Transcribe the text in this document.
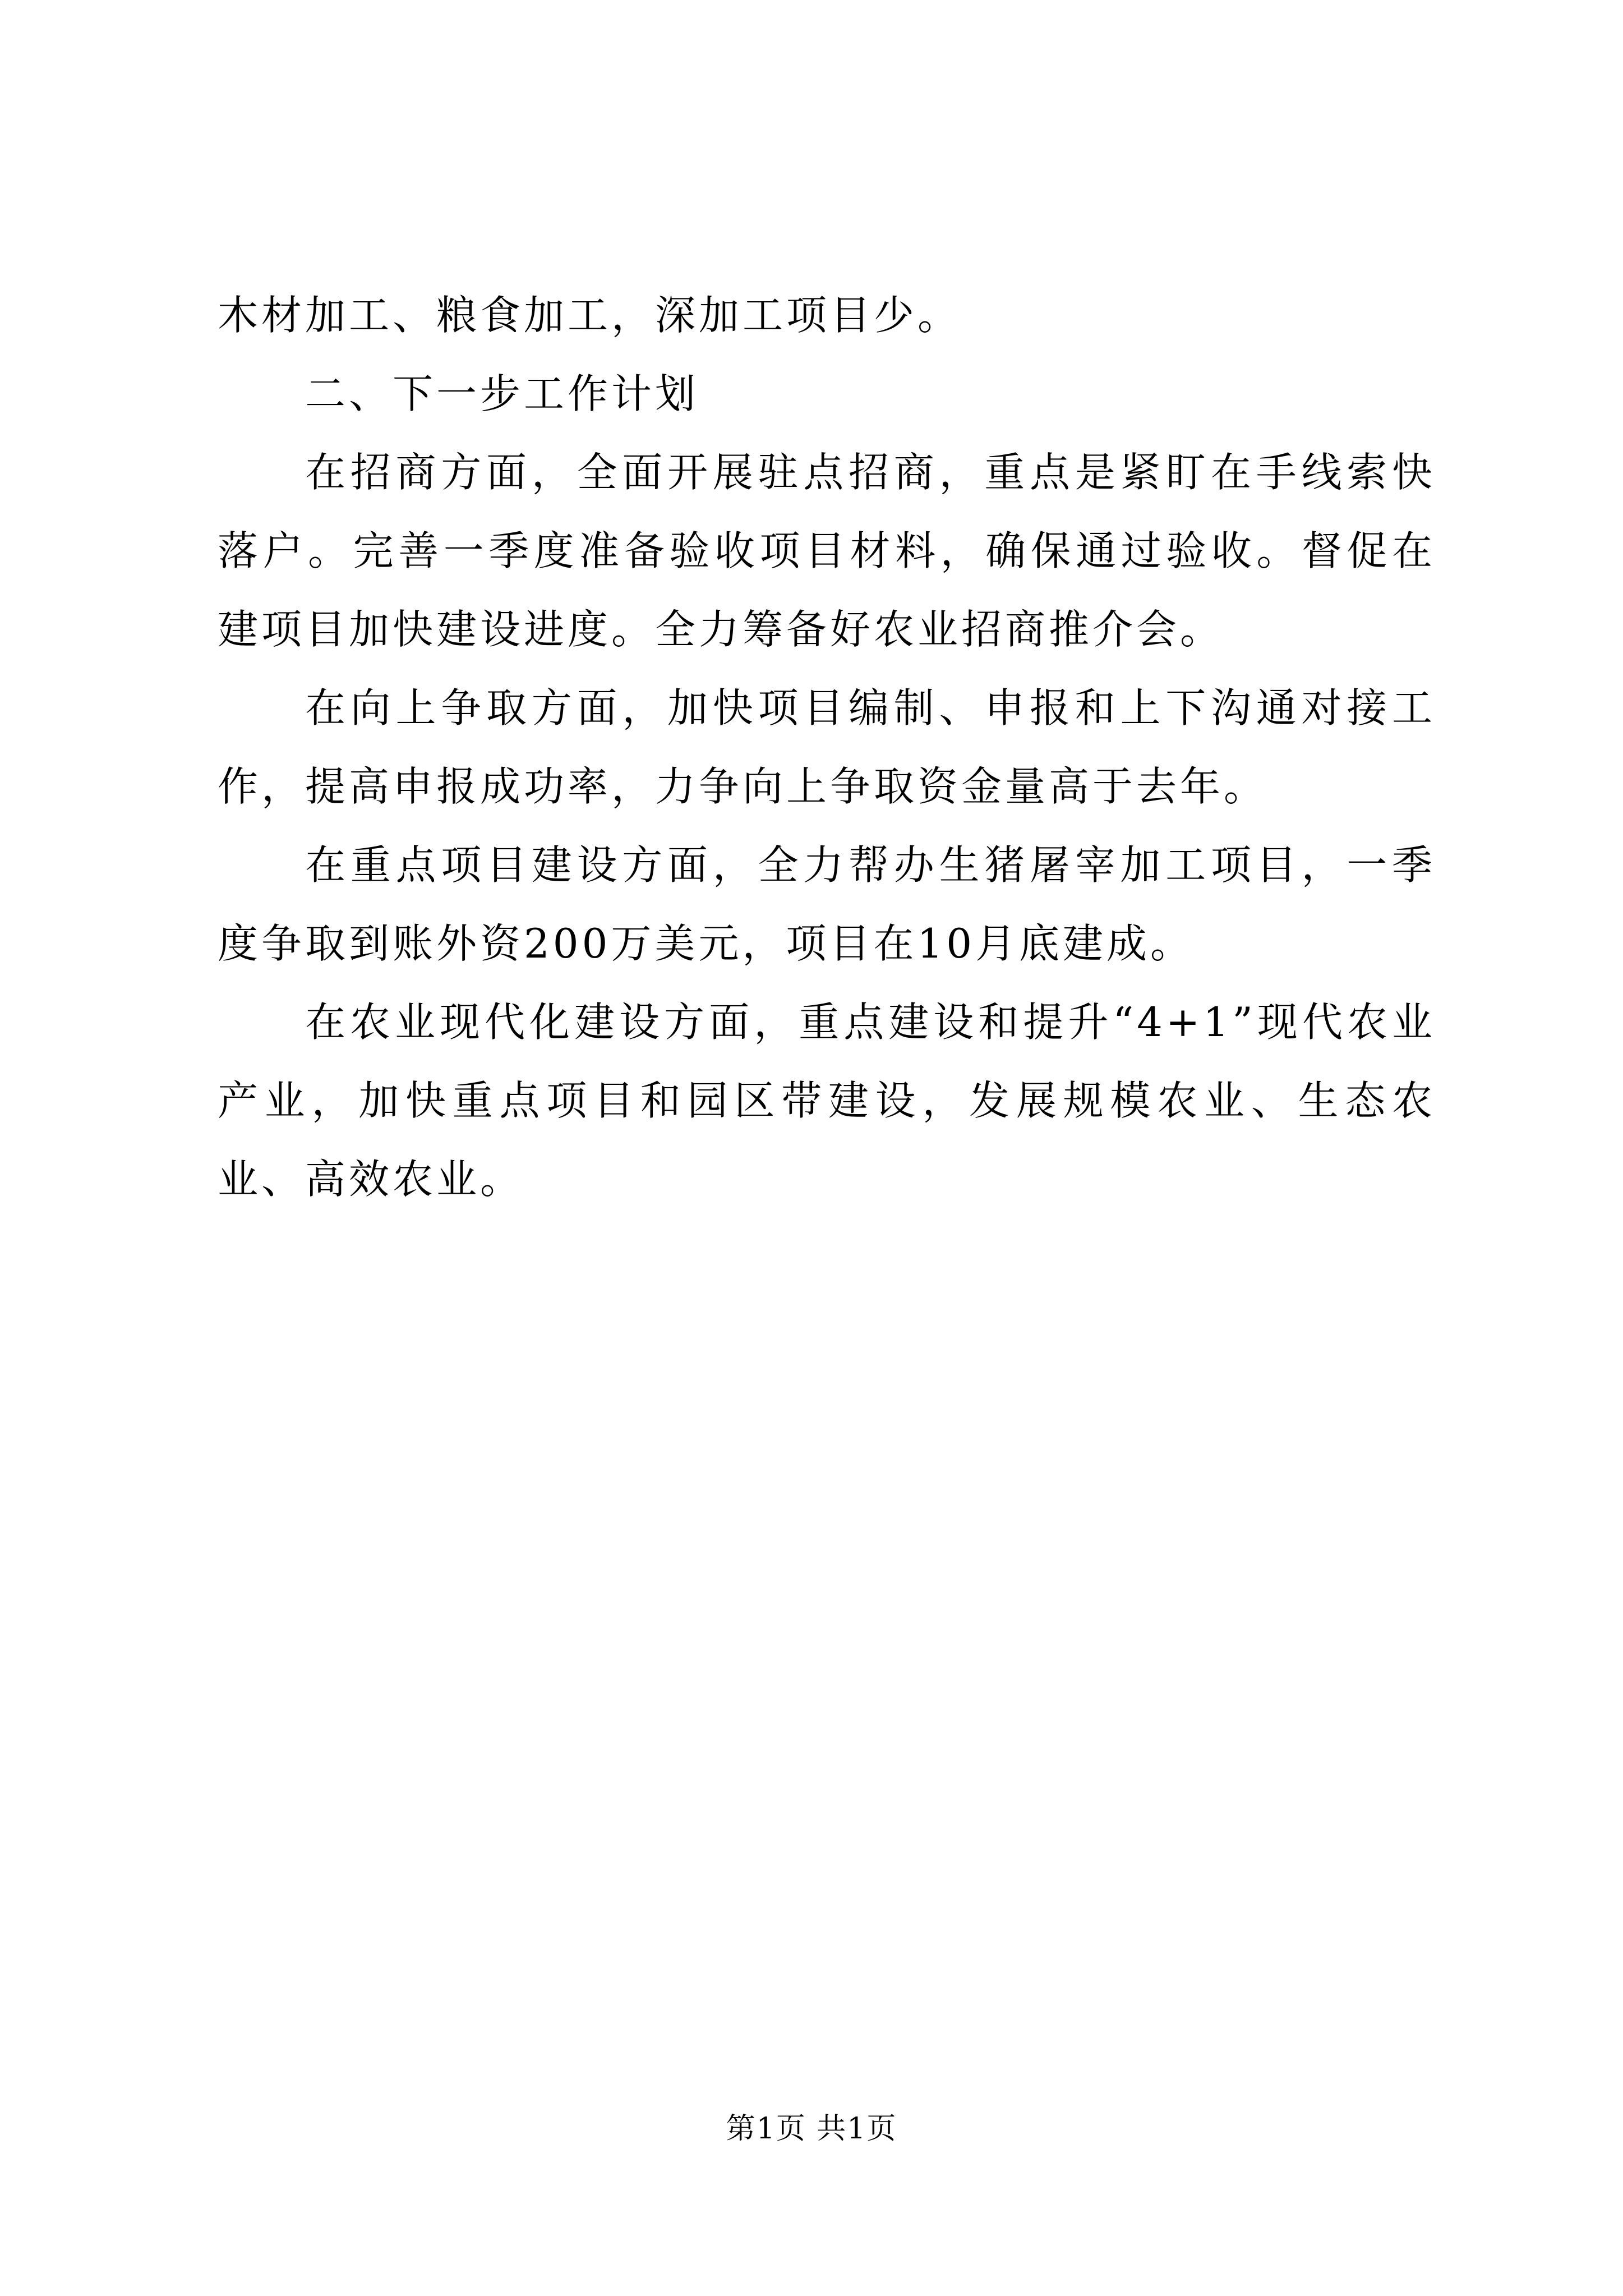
木材加工、粮食加工，深加工项目少。

二、下一步工作计划

在招商方面，全面开展驻点招商，重点是紧盯在手线索快落户。完善一季度准备验收项目材料，确保通过验收。督促在建项目加快建设进度。全力筹备好农业招商推介会。

在向上争取方面，加快项目编制、申报和上下沟通对接工作，提高申报成功率，力争向上争取资金量高于去年。

在重点项目建设方面，全力帮办生猪屠宰加工项目，一季度争取到账外资200万美元，项目在10月底建成。

在农业现代化建设方面，重点建设和提升“4+1”现代农业产业，加快重点项目和园区带建设，发展规模农业、生态农业、高效农业。

第1页 共1页
